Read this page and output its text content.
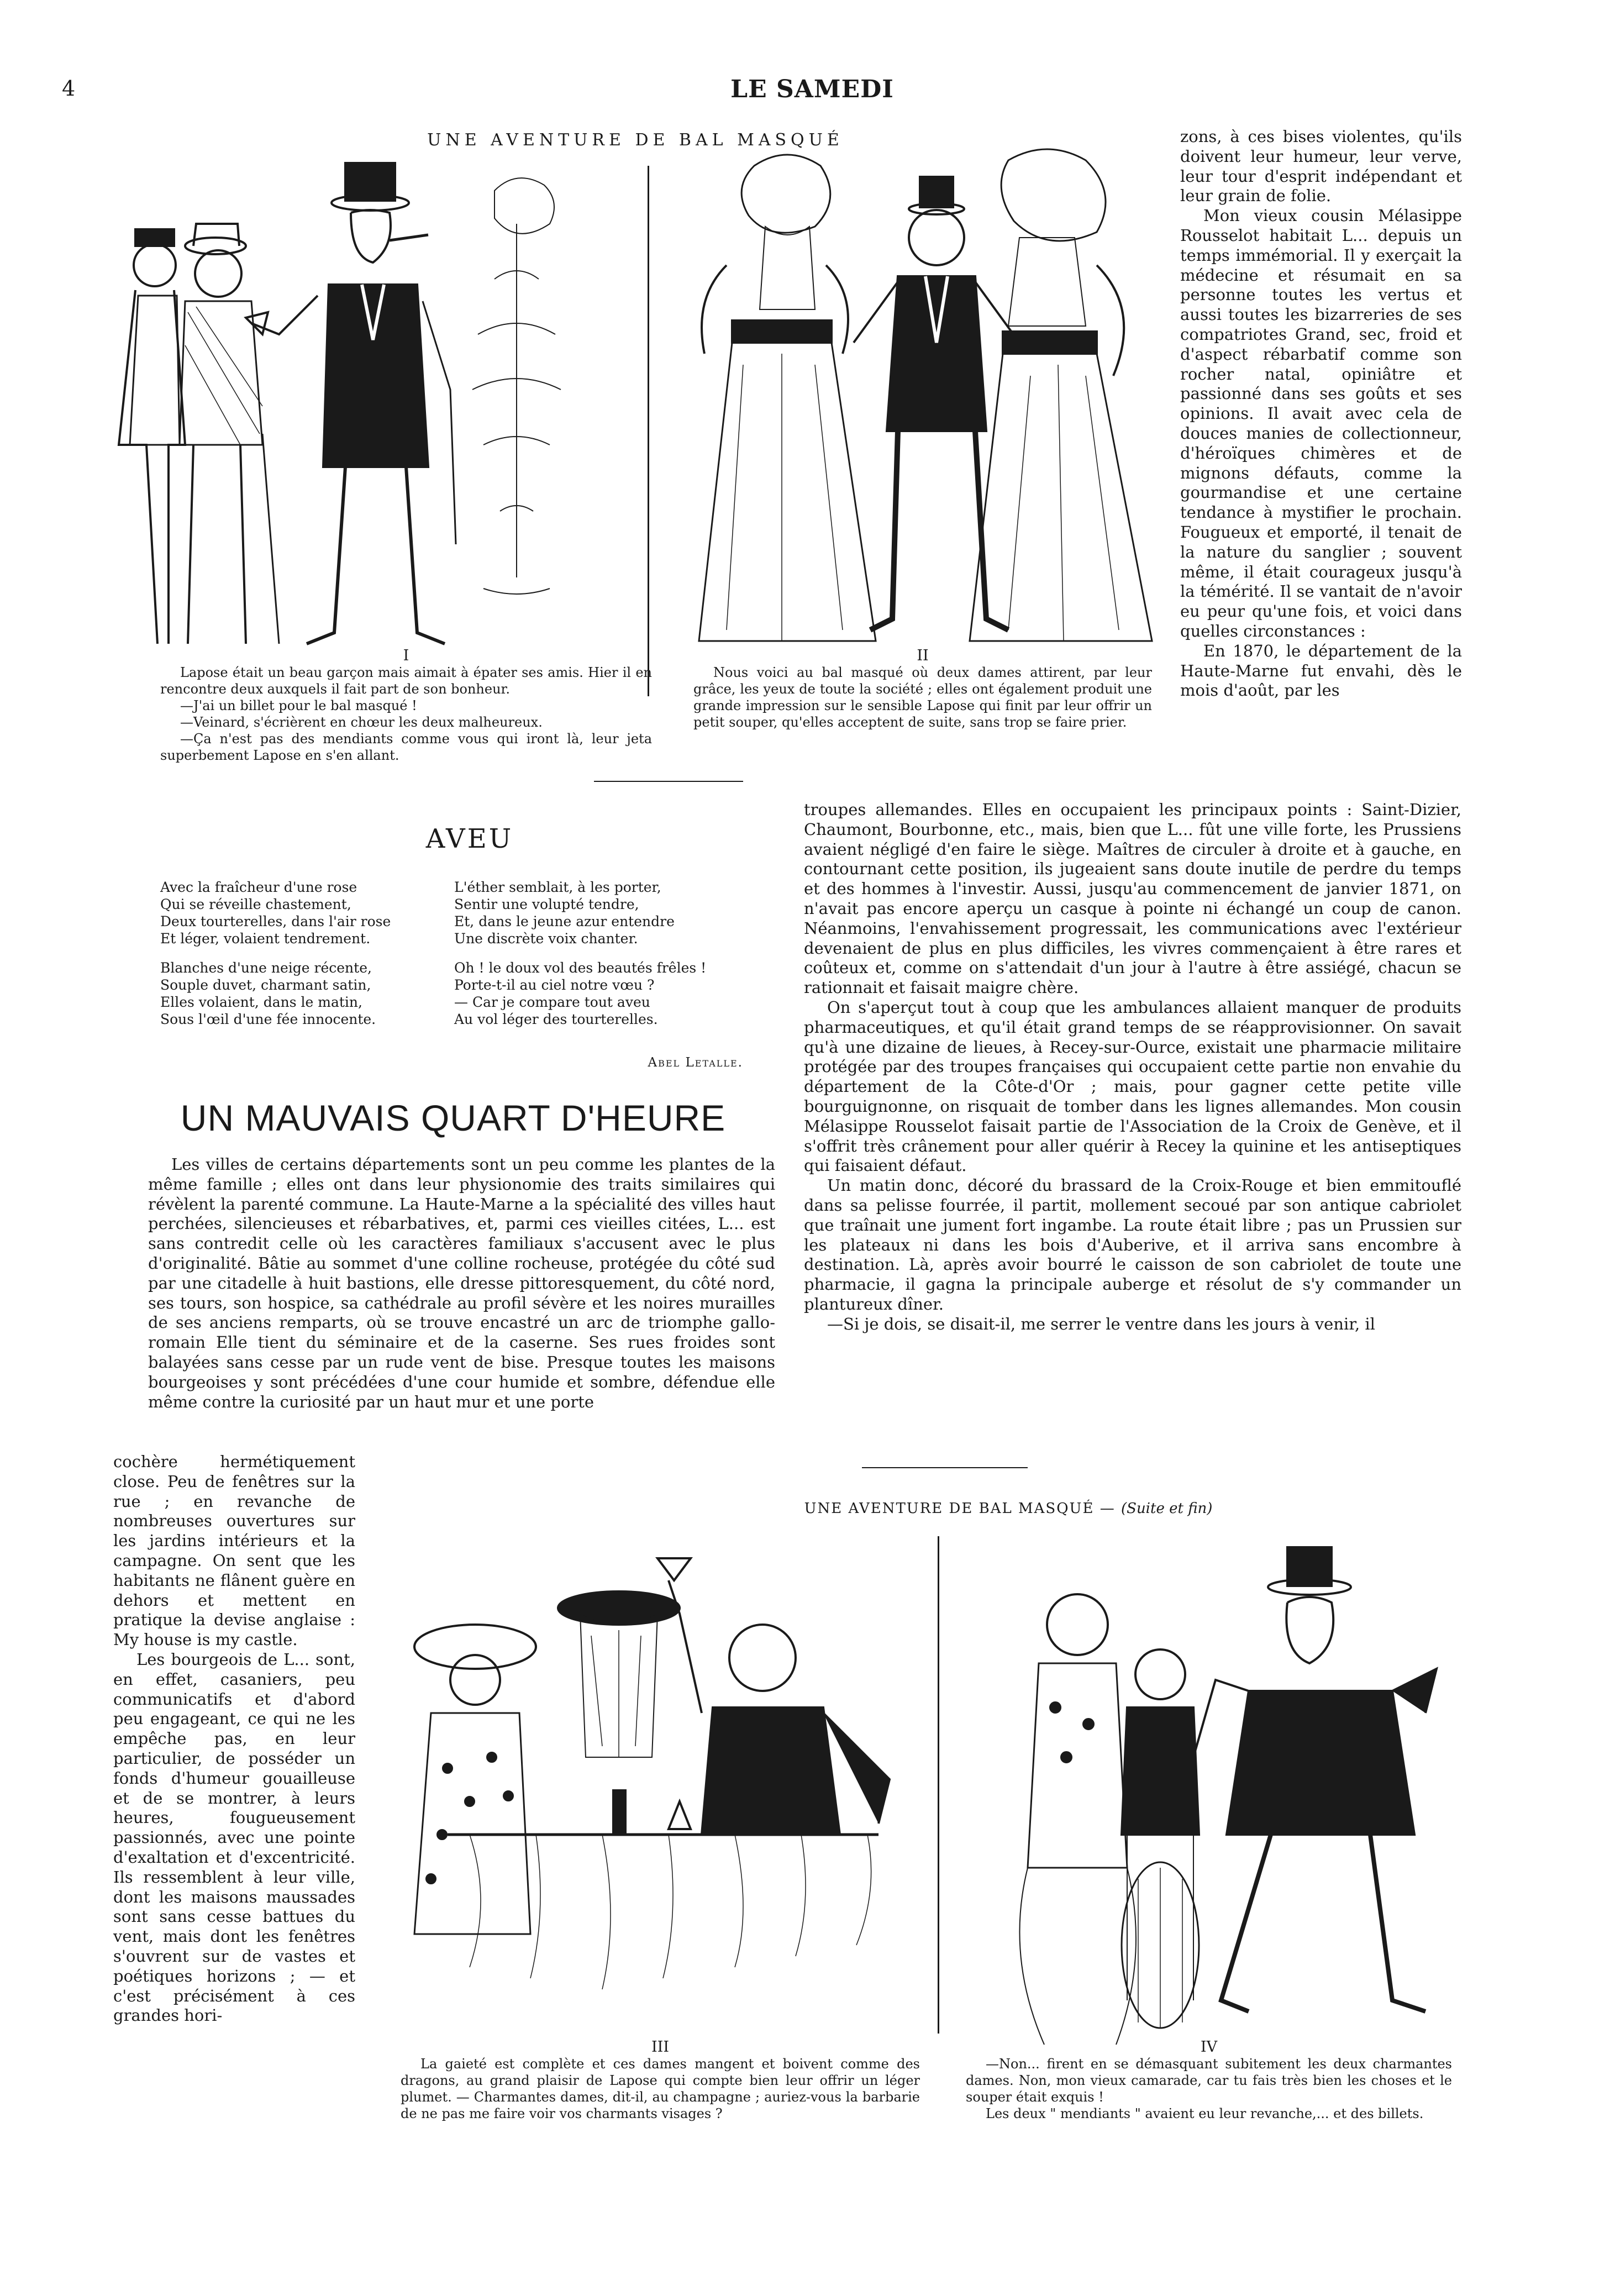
4	LE SAMEDI
UNE AVENTURE DE BAL MASQUÉ

I

Lapose était un beau garçon mais aimait à épater ses amis. Hier il en rencontre deux auxquels il fait part de son bonheur.

—J'ai un billet pour le bal masqué !

—Veinard, s'écrièrent en chœur les deux malheureux.

—Ça n'est pas des mendiants comme vous qui iront là, leur jeta superbement Lapose en s'en allant.

II

Nous voici au bal masqué où deux dames attirent, par leur grâce, les yeux de toute la société ; elles ont également produit une grande impression sur le sensible Lapose qui finit par leur offrir un petit souper, qu'elles acceptent de suite, sans trop se faire prier.

zons, à ces bises violentes, qu'ils doivent leur humeur, leur verve, leur tour d'esprit indépendant et leur grain de folie.

Mon vieux cousin Mélasippe Rousselot habitait L... depuis un temps immémorial. Il y exerçait la médecine et résumait en sa personne toutes les vertus et aussi toutes les bizarreries de ses compatriotes Grand, sec, froid et d'aspect rébarbatif comme son rocher natal, opiniâtre et passionné dans ses goûts et ses opinions. Il avait avec cela de douces manies de collectionneur, d'héroïques chimères et de mignons défauts, comme la gourmandise et une certaine tendance à mystifier le prochain. Fougueux et emporté, il tenait de la nature du sanglier ; souvent même, il était courageux jusqu'à la témérité. Il se vantait de n'avoir eu peur qu'une fois, et voici dans quelles circonstances :

En 1870, le département de la Haute-Marne fut envahi, dès le mois d'août, par les

AVEU
Avec la fraîcheur d'une rose
Qui se réveille chastement,
Deux tourterelles, dans l'air rose
Et léger, volaient tendrement.
Blanches d'une neige récente,
Souple duvet, charmant satin,
Elles volaient, dans le matin,
Sous l'œil d'une fée innocente.
L'éther semblait, à les porter,
Sentir une volupté tendre,
Et, dans le jeune azur entendre
Une discrète voix chanter.
Oh ! le doux vol des beautés frêles !
Porte-t-il au ciel notre vœu ?
— Car je compare tout aveu
Au vol léger des tourterelles.
Abel Letalle.

troupes allemandes. Elles en occupaient les principaux points : Saint-Dizier, Chaumont, Bourbonne, etc., mais, bien que L... fût une ville forte, les Prussiens avaient négligé d'en faire le siège. Maîtres de circuler à droite et à gauche, en contournant cette position, ils jugeaient sans doute inutile de perdre du temps et des hommes à l'investir. Aussi, jusqu'au commencement de janvier 1871, on n'avait pas encore aperçu un casque à pointe ni échangé un coup de canon. Néanmoins, l'envahissement progressait, les communications avec l'extérieur devenaient de plus en plus difficiles, les vivres commençaient à être rares et coûteux et, comme on s'attendait d'un jour à l'autre à être assiégé, chacun se rationnait et faisait maigre chère.

On s'aperçut tout à coup que les ambulances allaient manquer de produits pharmaceutiques, et qu'il était grand temps de se réapprovisionner. On savait qu'à une dizaine de lieues, à Recey-sur-Ource, existait une pharmacie militaire protégée par des troupes françaises qui occupaient cette partie non envahie du département de la Côte-d'Or ; mais, pour gagner cette petite ville bourguignonne, on risquait de tomber dans les lignes allemandes. Mon cousin Mélasippe Rousselot faisait partie de l'Association de la Croix de Genève, et il s'offrit très crânement pour aller quérir à Recey la quinine et les antiseptiques qui faisaient défaut.

Un matin donc, décoré du brassard de la Croix-Rouge et bien emmitouflé dans sa pelisse fourrée, il partit, mollement secoué par son antique cabriolet que traînait une jument fort ingambe. La route était libre ; pas un Prussien sur les plateaux ni dans les bois d'Auberive, et il arriva sans encombre à destination. Là, après avoir bourré le caisson de son cabriolet de toute une pharmacie, il gagna la principale auberge et résolut de s'y commander un plantureux dîner.

—Si je dois, se disait-il, me serrer le ventre dans les jours à venir, il

UN MAUVAIS QUART D'HEURE

Les villes de certains départements sont un peu comme les plantes de la même famille ; elles ont dans leur physionomie des traits similaires qui révèlent la parenté commune. La Haute-Marne a la spécialité des villes haut perchées, silencieuses et rébarbatives, et, parmi ces vieilles citées, L... est sans contredit celle où les caractères familiaux s'accusent avec le plus d'originalité. Bâtie au sommet d'une colline rocheuse, protégée du côté sud par une citadelle à huit bastions, elle dresse pittoresquement, du côté nord, ses tours, son hospice, sa cathédrale au profil sévère et les noires murailles de ses anciens remparts, où se trouve encastré un arc de triomphe gallo-romain Elle tient du séminaire et de la caserne. Ses rues froides sont balayées sans cesse par un rude vent de bise. Presque toutes les maisons bourgeoises y sont précédées d'une cour humide et sombre, défendue elle même contre la curiosité par un haut mur et une porte

cochère hermétiquement close. Peu de fenêtres sur la rue ; en revanche de nombreuses ouvertures sur les jardins intérieurs et la campagne. On sent que les habitants ne flânent guère en dehors et mettent en pratique la devise anglaise : My house is my castle.

Les bourgeois de L... sont, en effet, casaniers, peu communicatifs et d'abord peu engageant, ce qui ne les empêche pas, en leur particulier, de posséder un fonds d'humeur gouailleuse et de se montrer, à leurs heures, fougueusement passionnés, avec une pointe d'exaltation et d'excentricité. Ils ressemblent à leur ville, dont les maisons maussades sont sans cesse battues du vent, mais dont les fenêtres s'ouvrent sur de vastes et poétiques horizons ; — et c'est précisément à ces grandes hori-

UNE AVENTURE DE BAL MASQUÉ — (Suite et fin)

III

La gaieté est complète et ces dames mangent et boivent comme des dragons, au grand plaisir de Lapose qui compte bien leur offrir un léger plumet. — Charmantes dames, dit-il, au champagne ; auriez-vous la barbarie de ne pas me faire voir vos charmants visages ?

IV

—Non... firent en se démasquant subitement les deux charmantes dames. Non, mon vieux camarade, car tu fais très bien les choses et le souper était exquis !

Les deux " mendiants " avaient eu leur revanche,... et des billets.
